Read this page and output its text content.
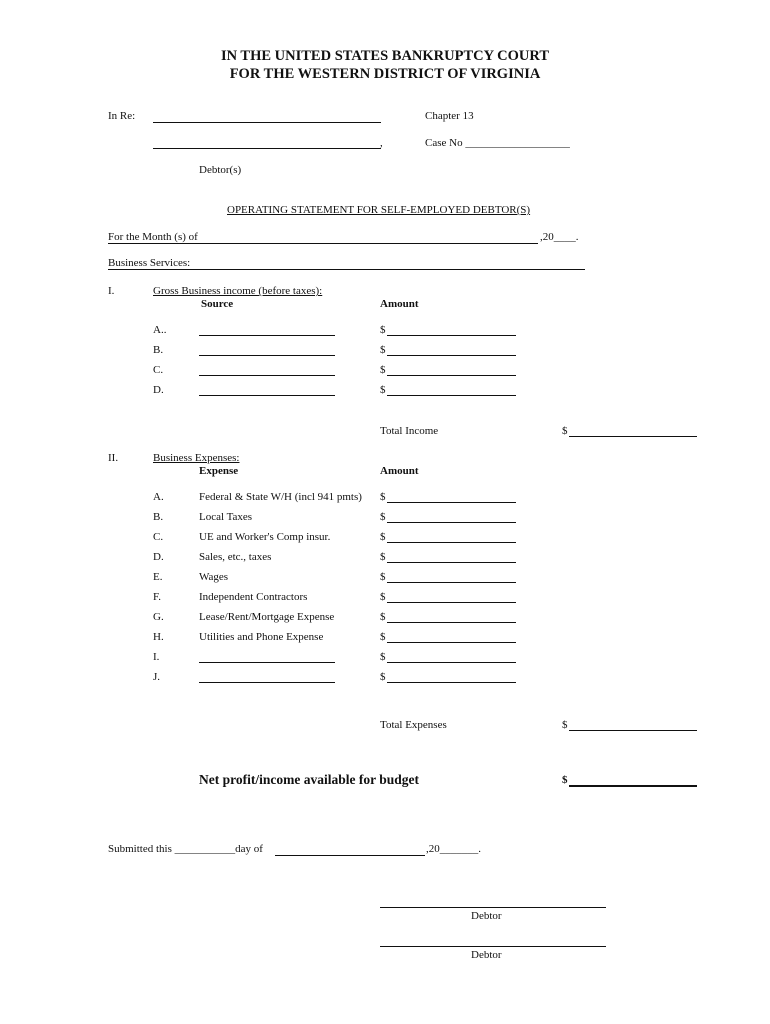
IN THE UNITED STATES BANKRUPTCY COURT
FOR THE WESTERN DISTRICT OF VIRGINIA
In Re:	Chapter 13
,	Case No ___________________
Debtor(s)
OPERATING STATEMENT FOR SELF-EMPLOYED DEBTOR(S)
For the Month (s) of	,20____.
Business Services:
I.	Gross Business income (before taxes):
Source	Amount
A..	$
B.	$
C.	$
D.	$
Total Income	$
II.	Business Expenses:
Expense	Amount
A.	Federal & State W/H (incl 941 pmts) $
B.	Local Taxes	$
C.	UE and Worker's Comp insur.	$
D.	Sales, etc., taxes	$
E.	Wages	$
F.	Independent Contractors	$
G.	Lease/Rent/Mortgage Expense	$
H.	Utilities and Phone Expense	$
I.	$
J.	$
Total Expenses	$
Net profit/income available for budget	$
Submitted this ___________day of	,20_______.
Debtor
Debtor
